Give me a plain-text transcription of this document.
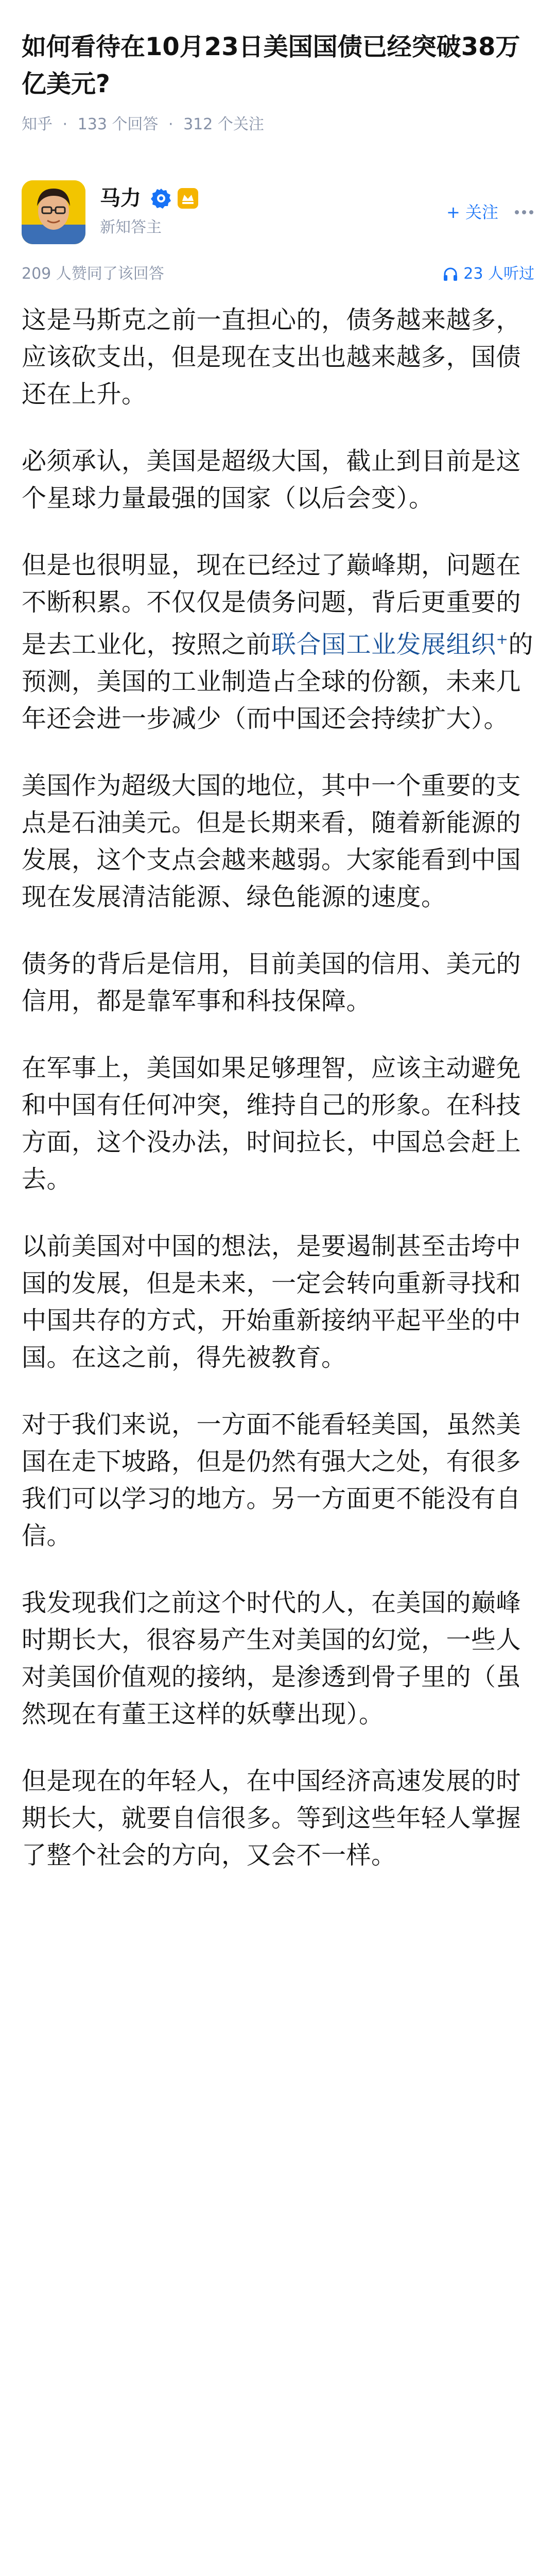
如何看待在10月23日美国国债已经突破38万亿美元?
知乎 · 133 个回答 · 312 个关注
马力
新知答主
+ 关注
209 人赞同了该回答	23 人听过

这是马斯克之前一直担心的，债务越来越多，应该砍支出，但是现在支出也越来越多，国债还在上升。

必须承认，美国是超级大国，截止到目前是这个星球力量最强的国家（以后会变）。

但是也很明显，现在已经过了巅峰期，问题在不断积累。不仅仅是债务问题，背后更重要的是去工业化，按照之前联合国工业发展组织+的预测，美国的工业制造占全球的份额，未来几年还会进一步减少（而中国还会持续扩大）。

美国作为超级大国的地位，其中一个重要的支点是石油美元。但是长期来看，随着新能源的发展，这个支点会越来越弱。大家能看到中国现在发展清洁能源、绿色能源的速度。

债务的背后是信用，目前美国的信用、美元的信用，都是靠军事和科技保障。

在军事上，美国如果足够理智，应该主动避免和中国有任何冲突，维持自己的形象。在科技方面，这个没办法，时间拉长，中国总会赶上去。

以前美国对中国的想法，是要遏制甚至击垮中国的发展，但是未来，一定会转向重新寻找和中国共存的方式，开始重新接纳平起平坐的中国。在这之前，得先被教育。

对于我们来说，一方面不能看轻美国，虽然美国在走下坡路，但是仍然有强大之处，有很多我们可以学习的地方。另一方面更不能没有自信。

我发现我们之前这个时代的人，在美国的巅峰时期长大，很容易产生对美国的幻觉，一些人对美国价值观的接纳，是渗透到骨子里的（虽然现在有董王这样的妖孽出现）。

但是现在的年轻人，在中国经济高速发展的时期长大，就要自信很多。等到这些年轻人掌握了整个社会的方向，又会不一样。
